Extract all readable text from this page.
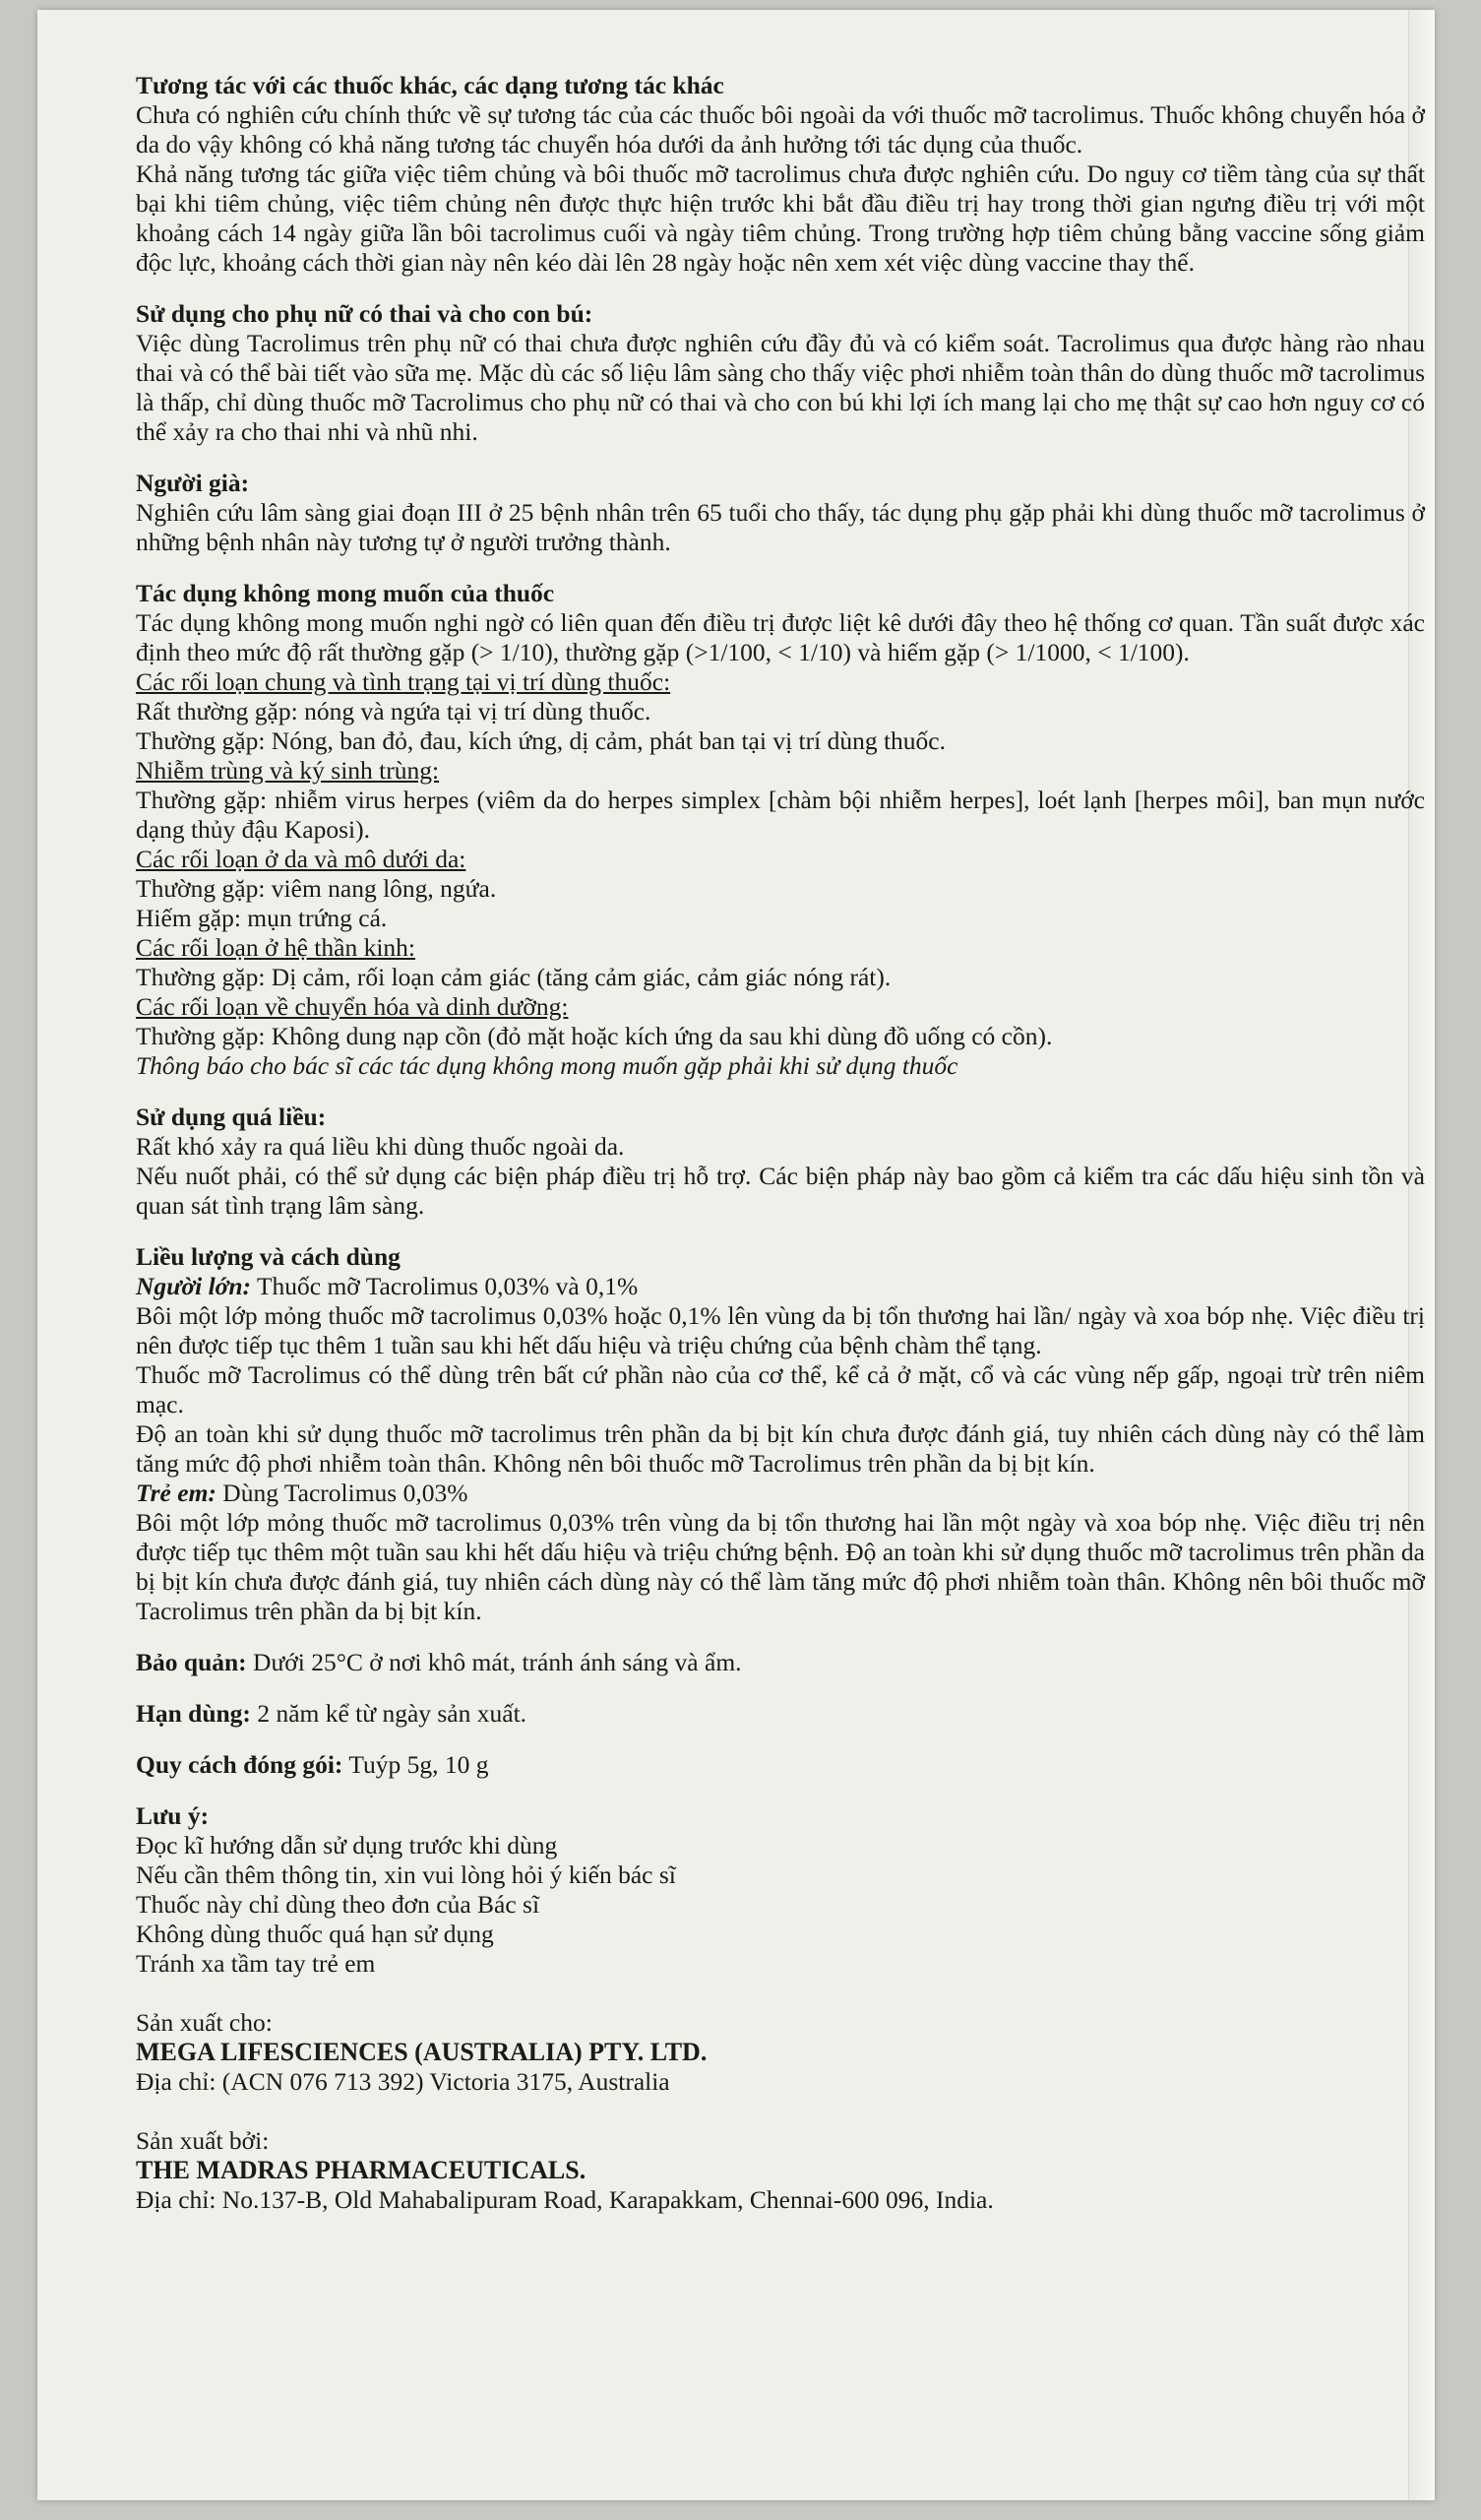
Tương tác với các thuốc khác, các dạng tương tác khác

Chưa có nghiên cứu chính thức về sự tương tác của các thuốc bôi ngoài da với thuốc mỡ tacrolimus. Thuốc không chuyển hóa ở da do vậy không có khả năng tương tác chuyển hóa dưới da ảnh hưởng tới tác dụng của thuốc.

Khả năng tương tác giữa việc tiêm chủng và bôi thuốc mỡ tacrolimus chưa được nghiên cứu. Do nguy cơ tiềm tàng của sự thất bại khi tiêm chủng, việc tiêm chủng nên được thực hiện trước khi bắt đầu điều trị hay trong thời gian ngưng điều trị với một khoảng cách 14 ngày giữa lần bôi tacrolimus cuối và ngày tiêm chủng. Trong trường hợp tiêm chủng bằng vaccine sống giảm độc lực, khoảng cách thời gian này nên kéo dài lên 28 ngày hoặc nên xem xét việc dùng vaccine thay thế.

Sử dụng cho phụ nữ có thai và cho con bú:

Việc dùng Tacrolimus trên phụ nữ có thai chưa được nghiên cứu đầy đủ và có kiểm soát. Tacrolimus qua được hàng rào nhau thai và có thể bài tiết vào sữa mẹ. Mặc dù các số liệu lâm sàng cho thấy việc phơi nhiễm toàn thân do dùng thuốc mỡ tacrolimus là thấp, chỉ dùng thuốc mỡ Tacrolimus cho phụ nữ có thai và cho con bú khi lợi ích mang lại cho mẹ thật sự cao hơn nguy cơ có thể xảy ra cho thai nhi và nhũ nhi.

Người già:

Nghiên cứu lâm sàng giai đoạn III ở 25 bệnh nhân trên 65 tuổi cho thấy, tác dụng phụ gặp phải khi dùng thuốc mỡ tacrolimus ở những bệnh nhân này tương tự ở người trưởng thành.

Tác dụng không mong muốn của thuốc

Tác dụng không mong muốn nghi ngờ có liên quan đến điều trị được liệt kê dưới đây theo hệ thống cơ quan. Tần suất được xác định theo mức độ rất thường gặp (> 1/10), thường gặp (>1/100, < 1/10) và hiếm gặp (> 1/1000, < 1/100).

Các rối loạn chung và tình trạng tại vị trí dùng thuốc:

Rất thường gặp: nóng và ngứa tại vị trí dùng thuốc.

Thường gặp: Nóng, ban đỏ, đau, kích ứng, dị cảm, phát ban tại vị trí dùng thuốc.

Nhiễm trùng và ký sinh trùng:

Thường gặp: nhiễm virus herpes (viêm da do herpes simplex [chàm bội nhiễm herpes], loét lạnh [herpes môi], ban mụn nước dạng thủy đậu Kaposi).

Các rối loạn ở da và mô dưới da:

Thường gặp: viêm nang lông, ngứa.

Hiếm gặp: mụn trứng cá.

Các rối loạn ở hệ thần kinh:

Thường gặp: Dị cảm, rối loạn cảm giác (tăng cảm giác, cảm giác nóng rát).

Các rối loạn về chuyển hóa và dinh dưỡng:

Thường gặp: Không dung nạp cồn (đỏ mặt hoặc kích ứng da sau khi dùng đồ uống có cồn).

Thông báo cho bác sĩ các tác dụng không mong muốn gặp phải khi sử dụng thuốc

Sử dụng quá liều:

Rất khó xảy ra quá liều khi dùng thuốc ngoài da.

Nếu nuốt phải, có thể sử dụng các biện pháp điều trị hỗ trợ. Các biện pháp này bao gồm cả kiểm tra các dấu hiệu sinh tồn và quan sát tình trạng lâm sàng.

Liều lượng và cách dùng

Người lớn: Thuốc mỡ Tacrolimus 0,03% và 0,1%

Bôi một lớp mỏng thuốc mỡ tacrolimus 0,03% hoặc 0,1% lên vùng da bị tổn thương hai lần/ ngày và xoa bóp nhẹ. Việc điều trị nên được tiếp tục thêm 1 tuần sau khi hết dấu hiệu và triệu chứng của bệnh chàm thể tạng.

Thuốc mỡ Tacrolimus có thể dùng trên bất cứ phần nào của cơ thể, kể cả ở mặt, cổ và các vùng nếp gấp, ngoại trừ trên niêm mạc.

Độ an toàn khi sử dụng thuốc mỡ tacrolimus trên phần da bị bịt kín chưa được đánh giá, tuy nhiên cách dùng này có thể làm tăng mức độ phơi nhiễm toàn thân. Không nên bôi thuốc mỡ Tacrolimus trên phần da bị bịt kín.

Trẻ em: Dùng Tacrolimus 0,03%

Bôi một lớp mỏng thuốc mỡ tacrolimus 0,03% trên vùng da bị tổn thương hai lần một ngày và xoa bóp nhẹ. Việc điều trị nên được tiếp tục thêm một tuần sau khi hết dấu hiệu và triệu chứng bệnh. Độ an toàn khi sử dụng thuốc mỡ tacrolimus trên phần da bị bịt kín chưa được đánh giá, tuy nhiên cách dùng này có thể làm tăng mức độ phơi nhiễm toàn thân. Không nên bôi thuốc mỡ Tacrolimus trên phần da bị bịt kín.

Bảo quản: Dưới 25°C ở nơi khô mát, tránh ánh sáng và ẩm.
Hạn dùng: 2 năm kể từ ngày sản xuất.
Quy cách đóng gói: Tuýp 5g, 10 g
Lưu ý:
Đọc kĩ hướng dẫn sử dụng trước khi dùng
Nếu cần thêm thông tin, xin vui lòng hỏi ý kiến bác sĩ
Thuốc này chỉ dùng theo đơn của Bác sĩ
Không dùng thuốc quá hạn sử dụng
Tránh xa tầm tay trẻ em
Sản xuất cho:
MEGA LIFESCIENCES (AUSTRALIA) PTY. LTD.
Địa chỉ: (ACN 076 713 392) Victoria 3175, Australia
Sản xuất bởi:
THE MADRAS PHARMACEUTICALS.
Địa chỉ: No.137-B, Old Mahabalipuram Road, Karapakkam, Chennai-600 096, India.
